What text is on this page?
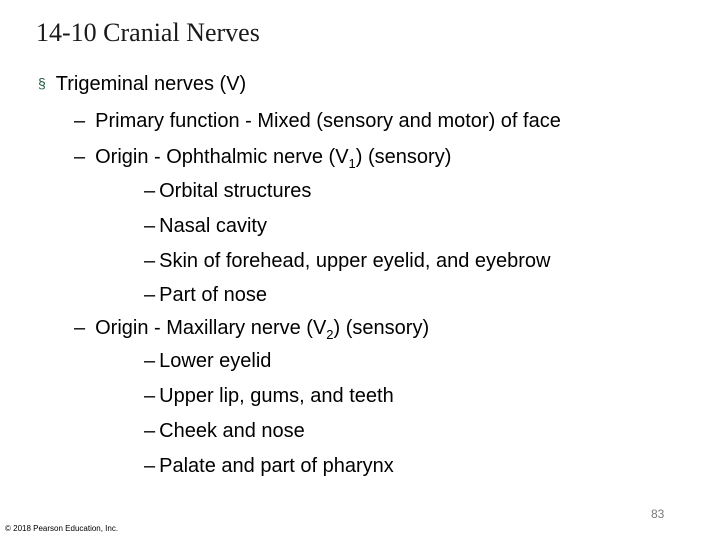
14-10 Cranial Nerves
§ Trigeminal nerves (V)
– Primary function - Mixed (sensory and motor) of face
– Origin - Ophthalmic nerve $(V_1)$ (sensory)
– Orbital structures
– Nasal cavity
– Skin of forehead, upper eyelid, and eyebrow
– Part of nose
– Origin - Maxillary nerve $(V_2)$ (sensory)
– Lower eyelid
– Upper lip, gums, and teeth
– Cheek and nose
– Palate and part of pharynx
83
© 2018 Pearson Education, Inc.
